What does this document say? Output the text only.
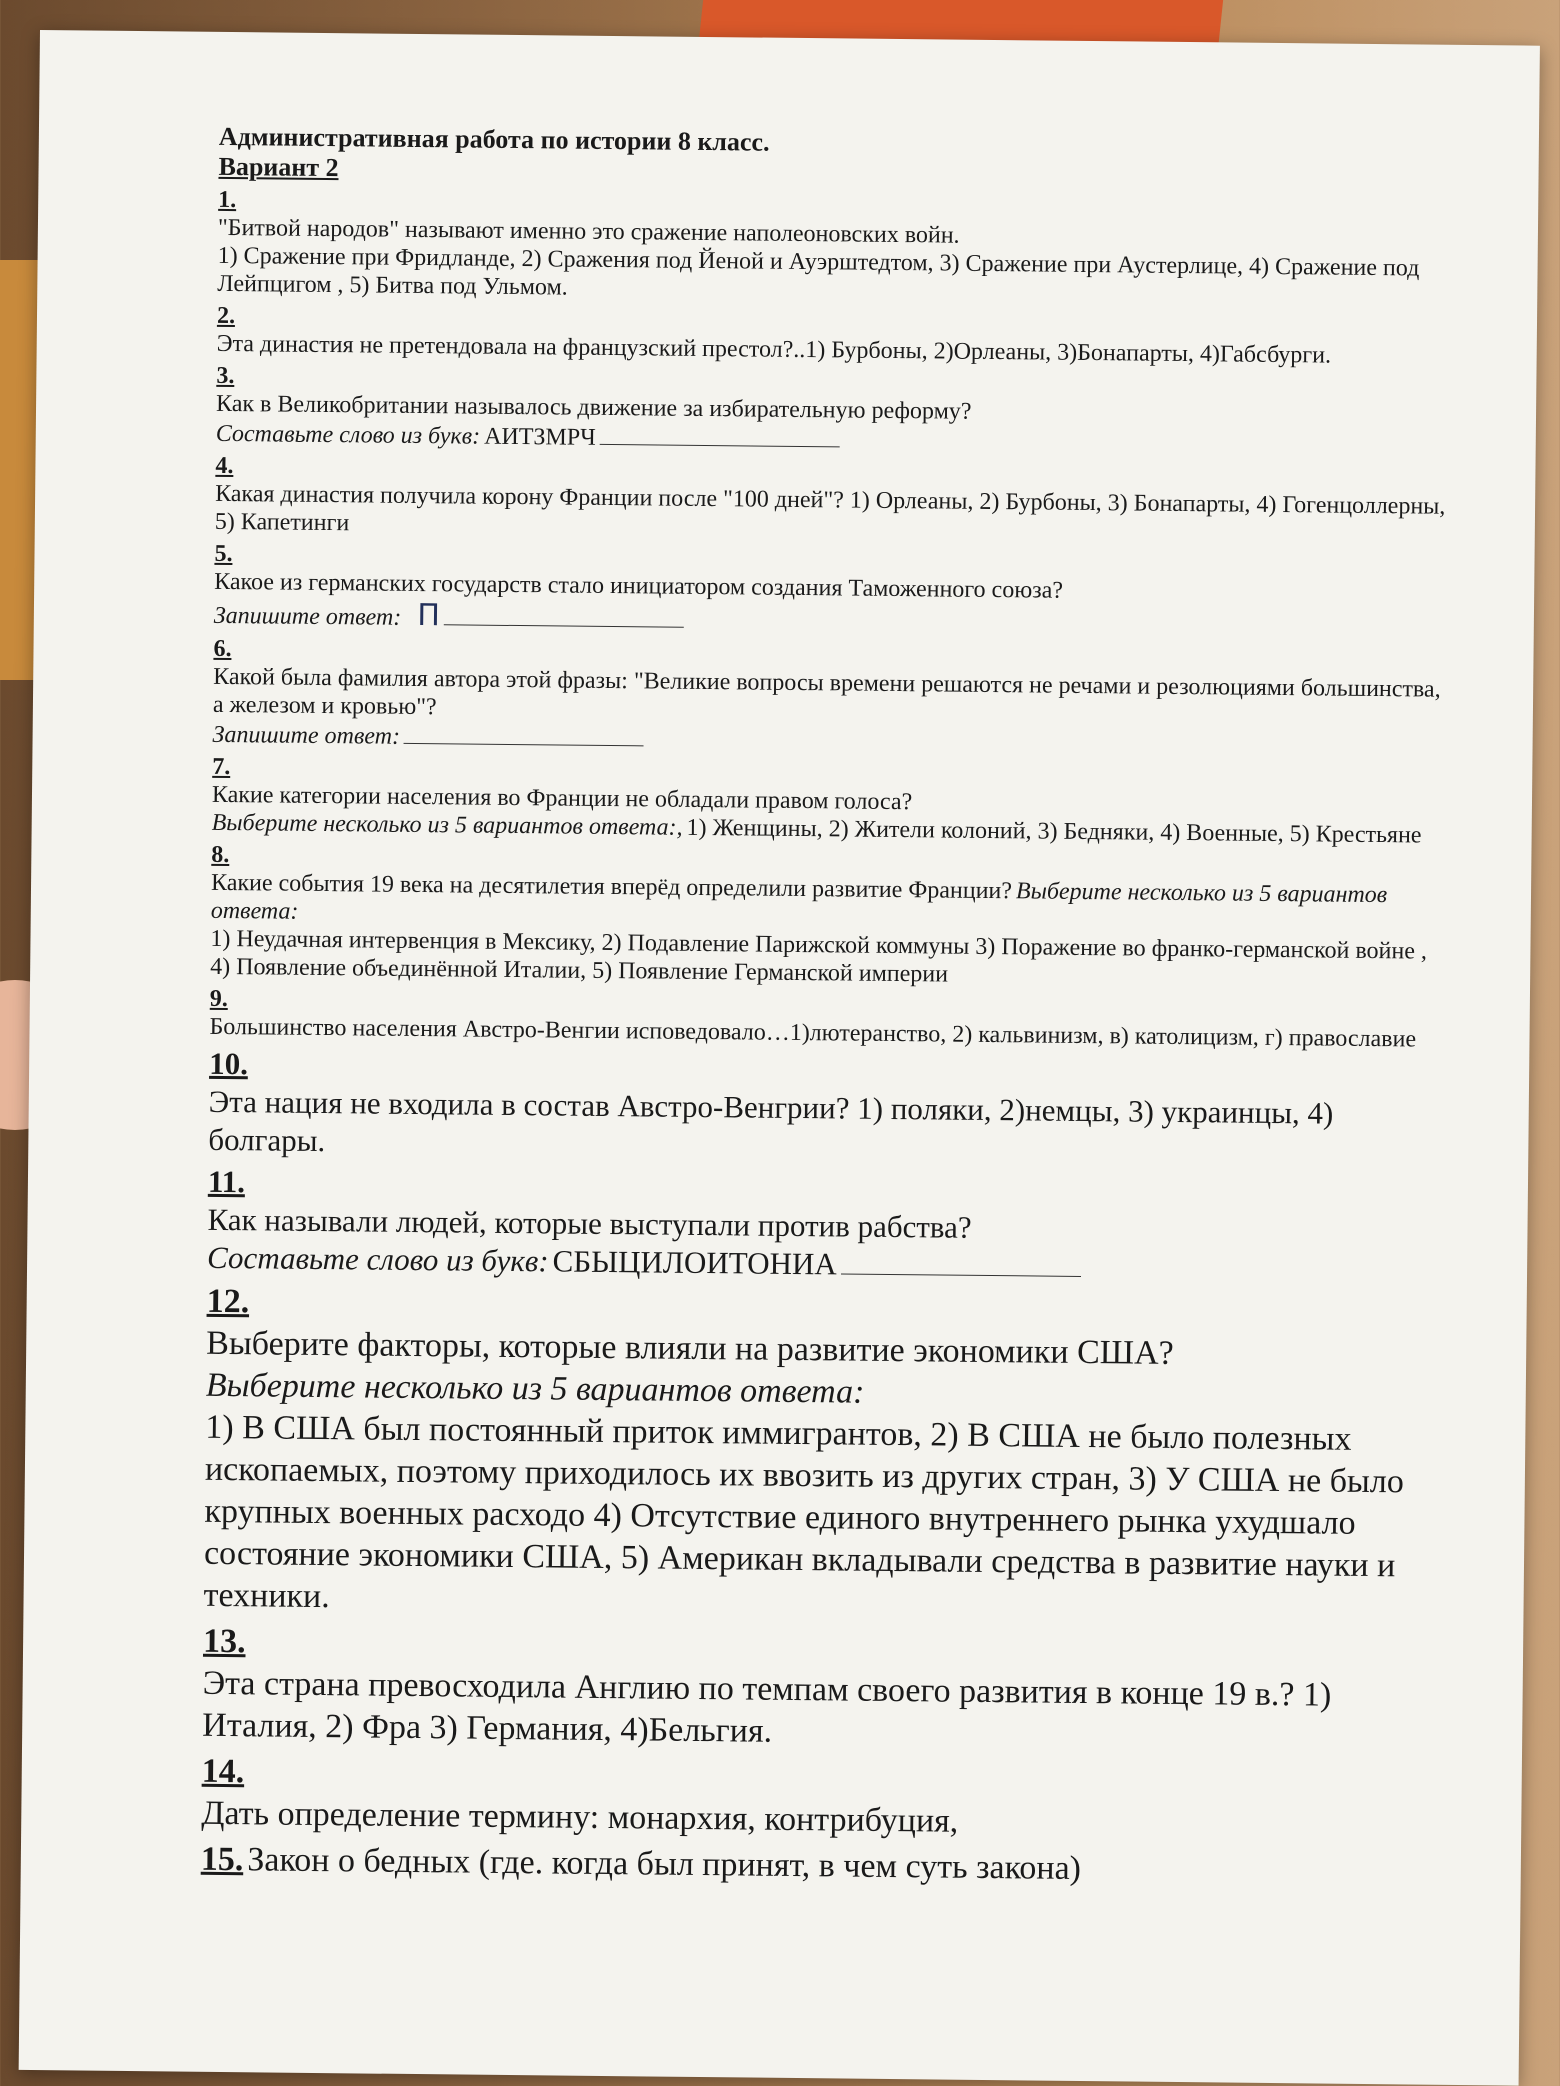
Административная работа по истории 8 класс.
Вариант 2
1.
"Битвой народов" называют именно это сражение наполеоновских войн.
1) Сражение при Фридланде, 2) Сражения под Йеной и Ауэрштедтом, 3) Сражение при Аустерлице, 4) Сражение под Лейпцигом , 5) Битва под Ульмом.
2.
Эта династия не претендовала на французский престол?..1) Бурбоны, 2)Орлеаны, 3)Бонапарты, 4)Габсбурги.
3.
Как в Великобритании называлось движение за избирательную реформу?
Составьте слово из букв: АИТЗМРЧ
4.
Какая династия получила корону Франции после "100 дней"? 1) Орлеаны, 2) Бурбоны, 3) Бонапарты, 4) Гогенцоллерны, 5) Капетинги
5.
Какое из германских государств стало инициатором создания Таможенного союза?
Запишите ответ: П
6.
Какой была фамилия автора этой фразы: "Великие вопросы времени решаются не речами и резолюциями большинства, а железом и кровью"?
Запишите ответ:
7.
Какие категории населения во Франции не обладали правом голоса?
Выберите несколько из 5 вариантов ответа:, 1) Женщины, 2) Жители колоний, 3) Бедняки, 4) Военные, 5) Крестьяне
8.
Какие события 19 века на десятилетия вперёд определили развитие Франции? Выберите несколько из 5 вариантов ответа:
1) Неудачная интервенция в Мексику, 2) Подавление Парижской коммуны 3) Поражение во франко-германской войне , 4) Появление объединённой Италии, 5) Появление Германской империи
9.
Большинство населения Австро-Венгии исповедовало…1)лютеранство, 2) кальвинизм, в) католицизм, г) православие
10.
Эта нация не входила в состав Австро-Венгрии? 1) поляки, 2)немцы, 3) украинцы, 4) болгары.
11.
Как называли людей, которые выступали против рабства?
Составьте слово из букв: СБЫЦИЛОИТОНИА
12.
Выберите факторы, которые влияли на развитие экономики США?
Выберите несколько из 5 вариантов ответа:
1) В США был постоянный приток иммигрантов, 2) В США не было полезных ископаемых, поэтому приходилось их ввозить из других стран, 3) У США не было крупных военных расходо 4) Отсутствие единого внутреннего рынка ухудшало состояние экономики США, 5) Американ вкладывали средства в развитие науки и техники.
13.
Эта страна превосходила Англию по темпам своего развития в конце 19 в.? 1) Италия, 2) Фра 3) Германия, 4)Бельгия.
14.
Дать определение термину: монархия, контрибуция,
15. Закон о бедных (где. когда был принят, в чем суть закона)
